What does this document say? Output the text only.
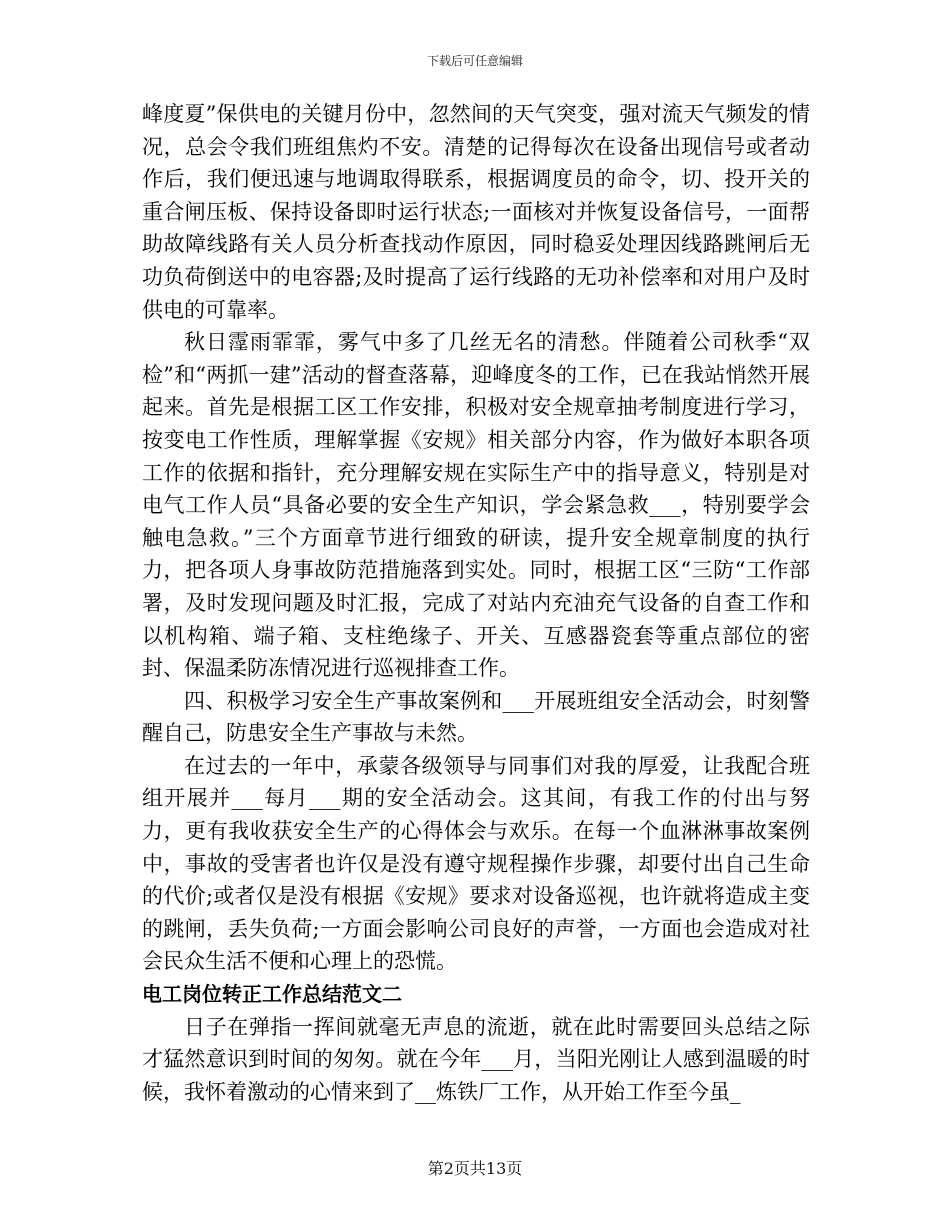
下载后可任意编辑

峰度夏”保供电的关键月份中，忽然间的天气突变，强对流天气频发的情况，总会令我们班组焦灼不安。清楚的记得每次在设备出现信号或者动作后，我们便迅速与地调取得联系，根据调度员的命令，切、投开关的重合闸压板、保持设备即时运行状态;一面核对并恢复设备信号，一面帮助故障线路有关人员分析查找动作原因，同时稳妥处理因线路跳闸后无功负荷倒送中的电容器;及时提高了运行线路的无功补偿率和对用户及时供电的可靠率。

秋日霪雨霏霏，雾气中多了几丝无名的清愁。伴随着公司秋季“双检”和“两抓一建”活动的督查落幕，迎峰度冬的工作，已在我站悄然开展起来。首先是根据工区工作安排，积极对安全规章抽考制度进行学习，按变电工作性质，理解掌握《安规》相关部分内容，作为做好本职各项工作的依据和指针，充分理解安规在实际生产中的指导意义，特别是对电气工作人员“具备必要的安全生产知识，学会紧急救___，特别要学会触电急救。”三个方面章节进行细致的研读，提升安全规章制度的执行力，把各项人身事故防范措施落到实处。同时，根据工区“三防“工作部署，及时发现问题及时汇报，完成了对站内充油充气设备的自查工作和以机构箱、端子箱、支柱绝缘子、开关、互感器瓷套等重点部位的密封、保温柔防冻情况进行巡视排查工作。

四、积极学习安全生产事故案例和___开展班组安全活动会，时刻警醒自己，防患安全生产事故与未然。

在过去的一年中，承蒙各级领导与同事们对我的厚爱，让我配合班组开展并___每月___期的安全活动会。这其间，有我工作的付出与努力，更有我收获安全生产的心得体会与欢乐。在每一个血淋淋事故案例中，事故的受害者也许仅是没有遵守规程操作步骤，却要付出自己生命的代价;或者仅是没有根据《安规》要求对设备巡视，也许就将造成主变的跳闸，丢失负荷;一方面会影响公司良好的声誉，一方面也会造成对社会民众生活不便和心理上的恐慌。

电工岗位转正工作总结范文二

日子在弹指一挥间就毫无声息的流逝，就在此时需要回头总结之际才猛然意识到时间的匆匆。就在今年___月，当阳光刚让人感到温暖的时候，我怀着激动的心情来到了__炼铁厂工作，从开始工作至今虽_

第2页共13页
